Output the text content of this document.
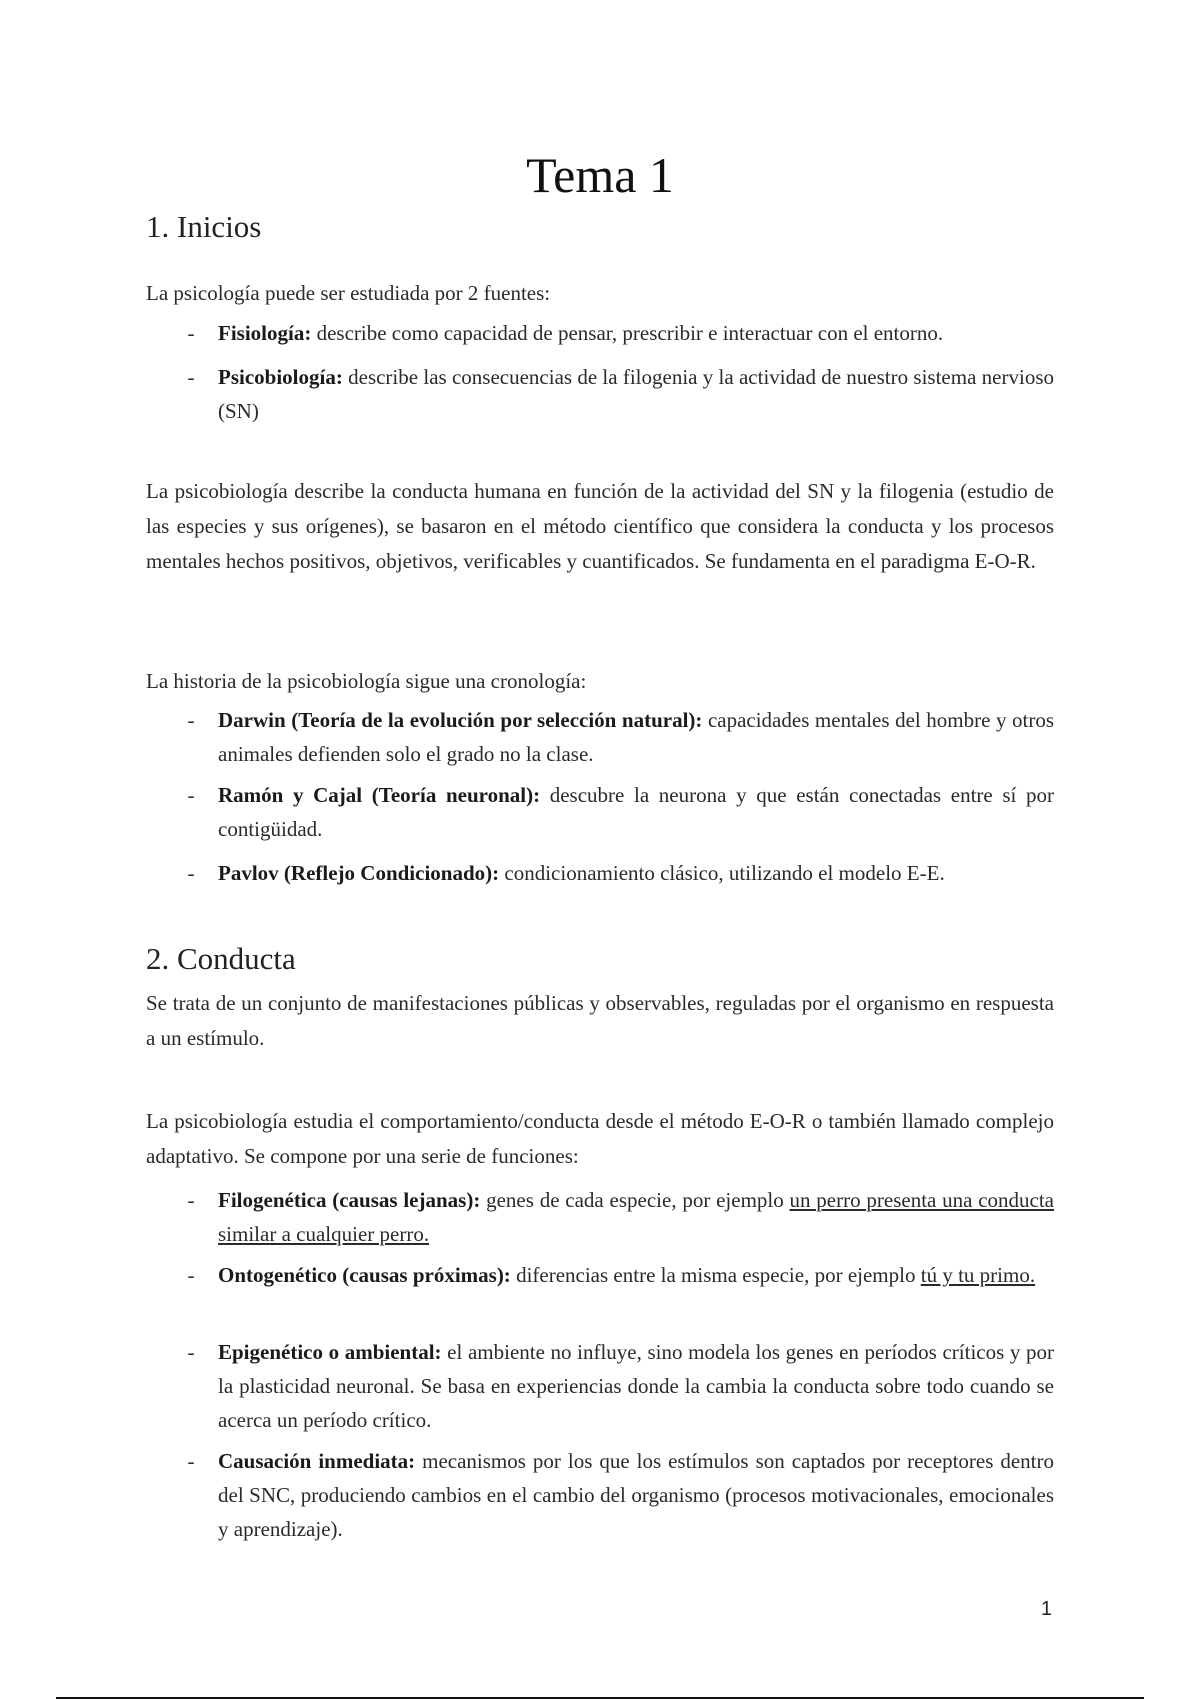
Tema 1
1. Inicios
La psicología puede ser estudiada por 2 fuentes:
- Fisiología: describe como capacidad de pensar, prescribir e interactuar con el entorno.
- Psicobiología: describe las consecuencias de la filogenia y la actividad de nuestro sistema nervioso (SN)
La psicobiología describe la conducta humana en función de la actividad del SN y la filogenia (estudio de las especies y sus orígenes), se basaron en el método científico que considera la conducta y los procesos mentales hechos positivos, objetivos, verificables y cuantificados. Se fundamenta en el paradigma E-O-R.
La historia de la psicobiología sigue una cronología:
- Darwin (Teoría de la evolución por selección natural): capacidades mentales del hombre y otros animales defienden solo el grado no la clase.
- Ramón y Cajal (Teoría neuronal): descubre la neurona y que están conectadas entre sí por contigüidad.
- Pavlov (Reflejo Condicionado): condicionamiento clásico, utilizando el modelo E-E.
2. Conducta
Se trata de un conjunto de manifestaciones públicas y observables, reguladas por el organismo en respuesta a un estímulo.
La psicobiología estudia el comportamiento/conducta desde el método E-O-R o también llamado complejo adaptativo. Se compone por una serie de funciones:
- Filogenética (causas lejanas): genes de cada especie, por ejemplo un perro presenta una conducta similar a cualquier perro.
- Ontogenético (causas próximas): diferencias entre la misma especie, por ejemplo tú y tu primo.
- Epigenético o ambiental: el ambiente no influye, sino modela los genes en períodos críticos y por la plasticidad neuronal. Se basa en experiencias donde la cambia la conducta sobre todo cuando se acerca un período crítico.
- Causación inmediata: mecanismos por los que los estímulos son captados por receptores dentro del SNC, produciendo cambios en el cambio del organismo (procesos motivacionales, emocionales y aprendizaje).
1
